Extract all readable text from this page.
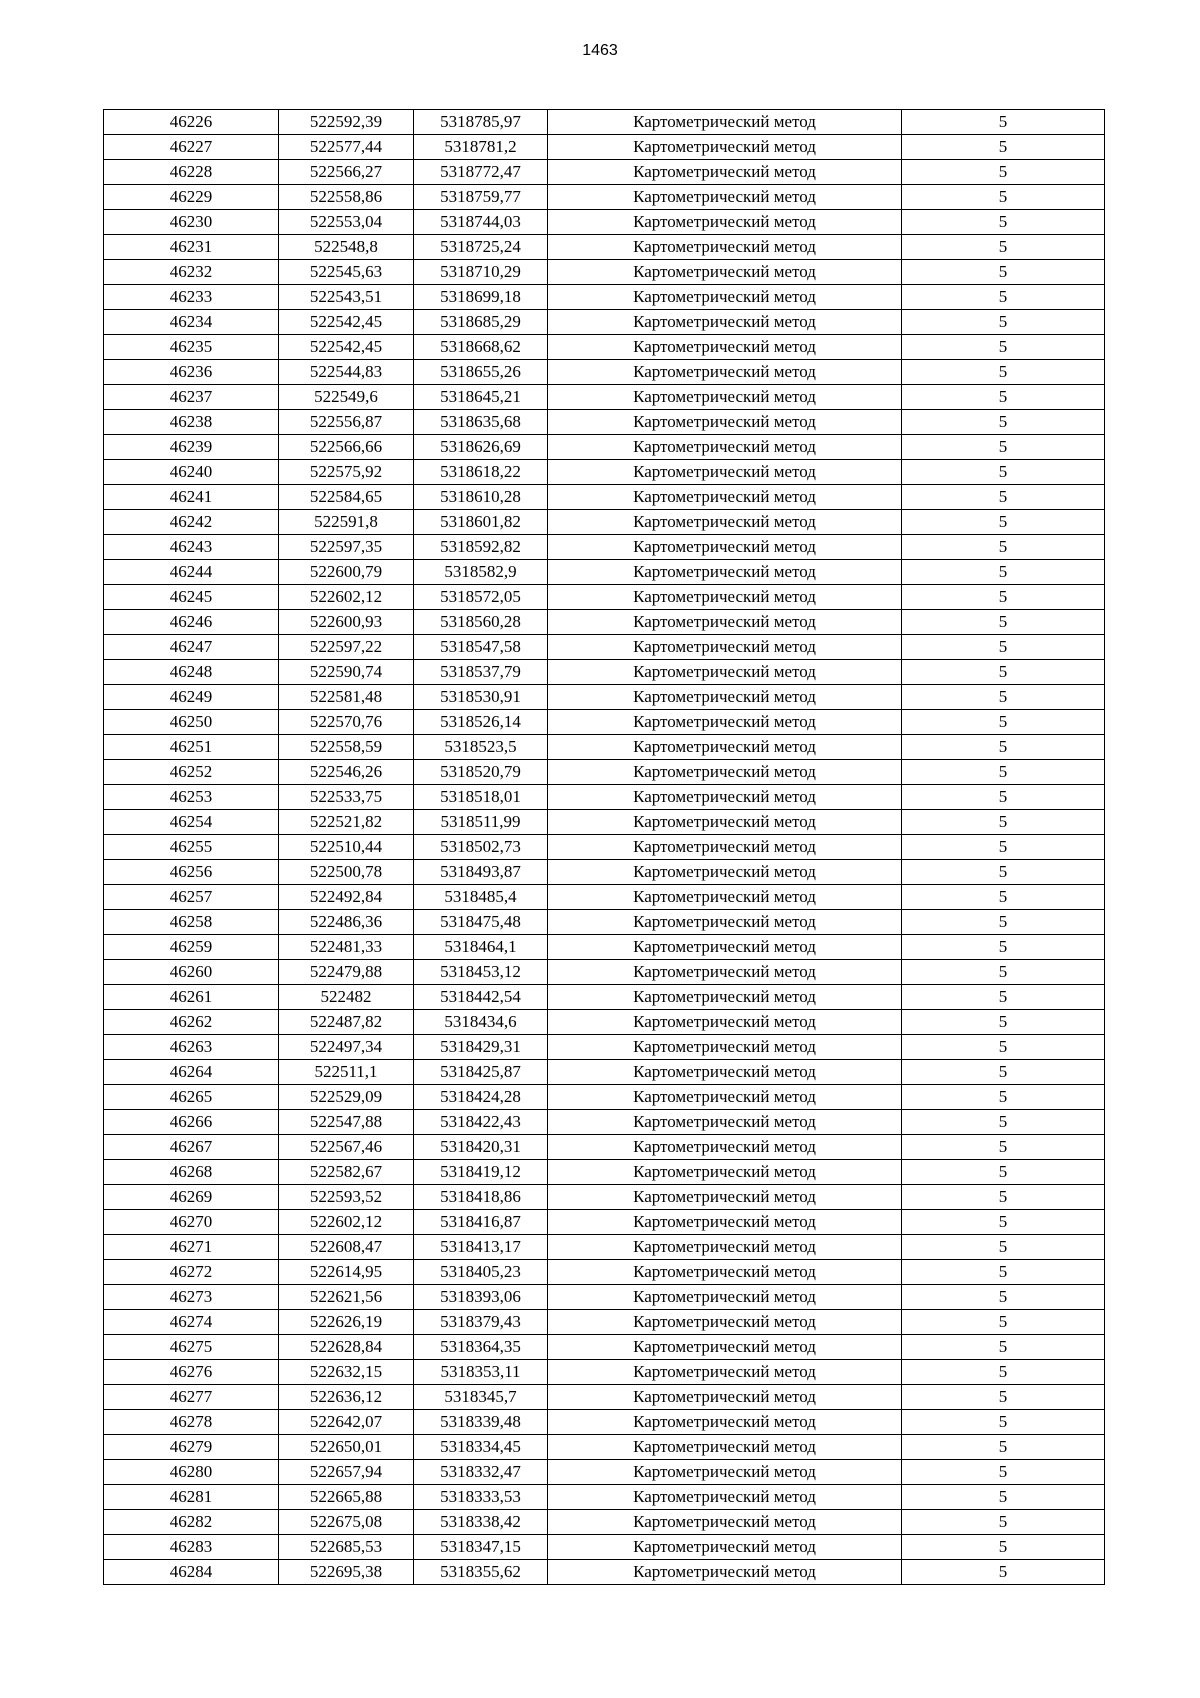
1463
46226	522592,39	5318785,97	Картометрический метод	5
46227	522577,44	5318781,2	Картометрический метод	5
46228	522566,27	5318772,47	Картометрический метод	5
46229	522558,86	5318759,77	Картометрический метод	5
46230	522553,04	5318744,03	Картометрический метод	5
46231	522548,8	5318725,24	Картометрический метод	5
46232	522545,63	5318710,29	Картометрический метод	5
46233	522543,51	5318699,18	Картометрический метод	5
46234	522542,45	5318685,29	Картометрический метод	5
46235	522542,45	5318668,62	Картометрический метод	5
46236	522544,83	5318655,26	Картометрический метод	5
46237	522549,6	5318645,21	Картометрический метод	5
46238	522556,87	5318635,68	Картометрический метод	5
46239	522566,66	5318626,69	Картометрический метод	5
46240	522575,92	5318618,22	Картометрический метод	5
46241	522584,65	5318610,28	Картометрический метод	5
46242	522591,8	5318601,82	Картометрический метод	5
46243	522597,35	5318592,82	Картометрический метод	5
46244	522600,79	5318582,9	Картометрический метод	5
46245	522602,12	5318572,05	Картометрический метод	5
46246	522600,93	5318560,28	Картометрический метод	5
46247	522597,22	5318547,58	Картометрический метод	5
46248	522590,74	5318537,79	Картометрический метод	5
46249	522581,48	5318530,91	Картометрический метод	5
46250	522570,76	5318526,14	Картометрический метод	5
46251	522558,59	5318523,5	Картометрический метод	5
46252	522546,26	5318520,79	Картометрический метод	5
46253	522533,75	5318518,01	Картометрический метод	5
46254	522521,82	5318511,99	Картометрический метод	5
46255	522510,44	5318502,73	Картометрический метод	5
46256	522500,78	5318493,87	Картометрический метод	5
46257	522492,84	5318485,4	Картометрический метод	5
46258	522486,36	5318475,48	Картометрический метод	5
46259	522481,33	5318464,1	Картометрический метод	5
46260	522479,88	5318453,12	Картометрический метод	5
46261	522482	5318442,54	Картометрический метод	5
46262	522487,82	5318434,6	Картометрический метод	5
46263	522497,34	5318429,31	Картометрический метод	5
46264	522511,1	5318425,87	Картометрический метод	5
46265	522529,09	5318424,28	Картометрический метод	5
46266	522547,88	5318422,43	Картометрический метод	5
46267	522567,46	5318420,31	Картометрический метод	5
46268	522582,67	5318419,12	Картометрический метод	5
46269	522593,52	5318418,86	Картометрический метод	5
46270	522602,12	5318416,87	Картометрический метод	5
46271	522608,47	5318413,17	Картометрический метод	5
46272	522614,95	5318405,23	Картометрический метод	5
46273	522621,56	5318393,06	Картометрический метод	5
46274	522626,19	5318379,43	Картометрический метод	5
46275	522628,84	5318364,35	Картометрический метод	5
46276	522632,15	5318353,11	Картометрический метод	5
46277	522636,12	5318345,7	Картометрический метод	5
46278	522642,07	5318339,48	Картометрический метод	5
46279	522650,01	5318334,45	Картометрический метод	5
46280	522657,94	5318332,47	Картометрический метод	5
46281	522665,88	5318333,53	Картометрический метод	5
46282	522675,08	5318338,42	Картометрический метод	5
46283	522685,53	5318347,15	Картометрический метод	5
46284	522695,38	5318355,62	Картометрический метод	5
